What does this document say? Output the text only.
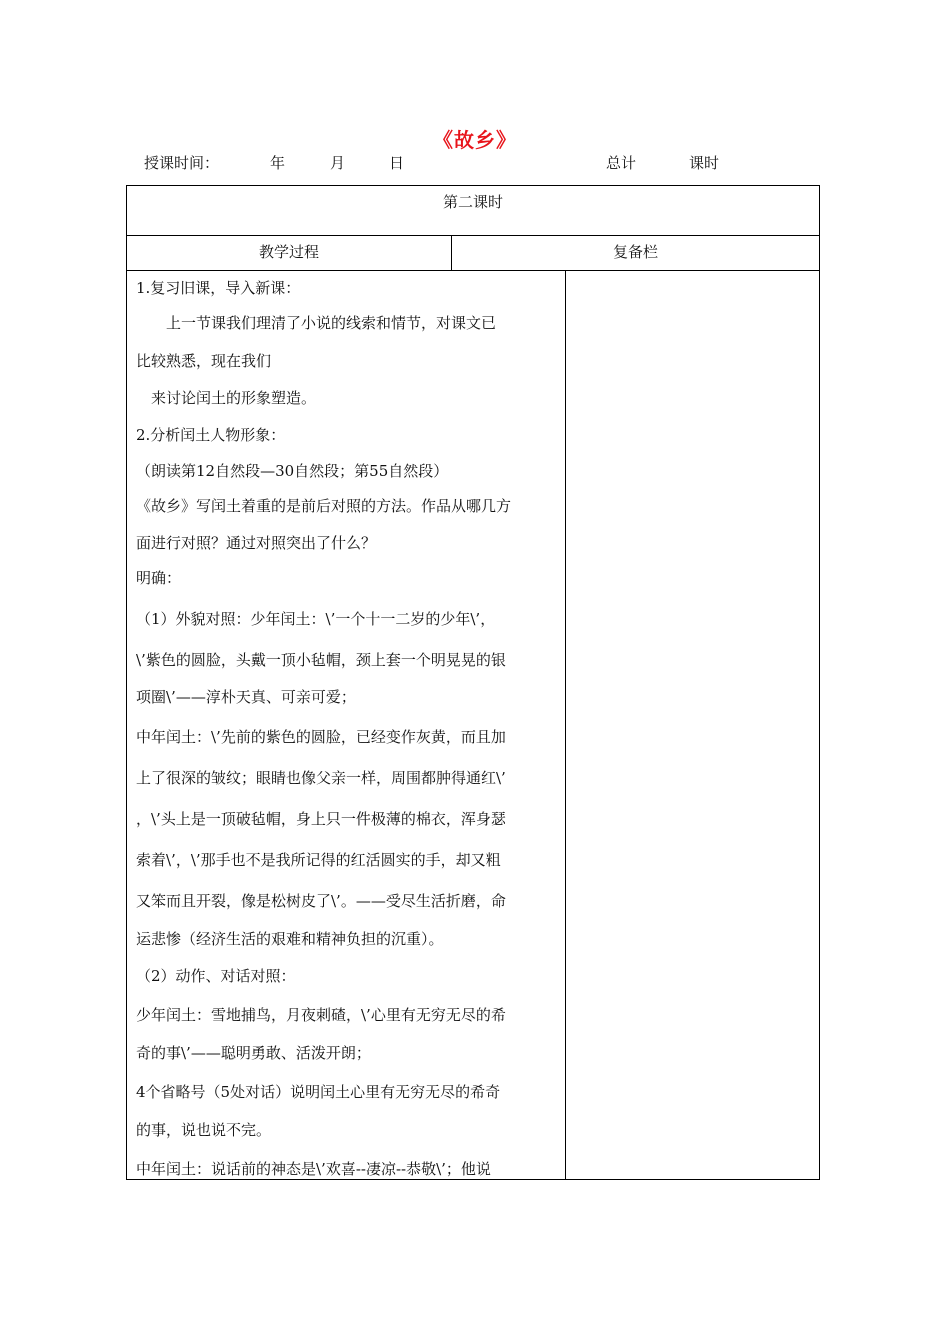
《故乡》
授课时间：	年	月	日	总计	课时
第二课时
教学过程	复备栏
1.复习旧课，导入新课：
　　上一节课我们理清了小说的线索和情节，对课文已
比较熟悉，现在我们
　来讨论闰土的形象塑造。
2.分析闰土人物形象：
（朗读第12自然段—30自然段；第55自然段）
《故乡》写闰土着重的是前后对照的方法。作品从哪几方
面进行对照？通过对照突出了什么？
明确：
（1）外貌对照：少年闰土：\’一个十一二岁的少年\’，
\’紫色的圆脸，头戴一顶小毡帽，颈上套一个明晃晃的银
项圈\’——淳朴天真、可亲可爱；
中年闰土：\’先前的紫色的圆脸，已经变作灰黄，而且加
上了很深的皱纹；眼睛也像父亲一样，周围都肿得通红\’
，\’头上是一顶破毡帽，身上只一件极薄的棉衣，浑身瑟
索着\’，\’那手也不是我所记得的红活圆实的手，却又粗
又笨而且开裂，像是松树皮了\’。——受尽生活折磨，命
运悲惨（经济生活的艰难和精神负担的沉重）。
（2）动作、对话对照：
少年闰土：雪地捕鸟，月夜刺碴，\’心里有无穷无尽的希
奇的事\’——聪明勇敢、活泼开朗；
4个省略号（5处对话）说明闰土心里有无穷无尽的希奇
的事，说也说不完。
中年闰土：说话前的神态是\’欢喜--凄凉--恭敬\’；他说
